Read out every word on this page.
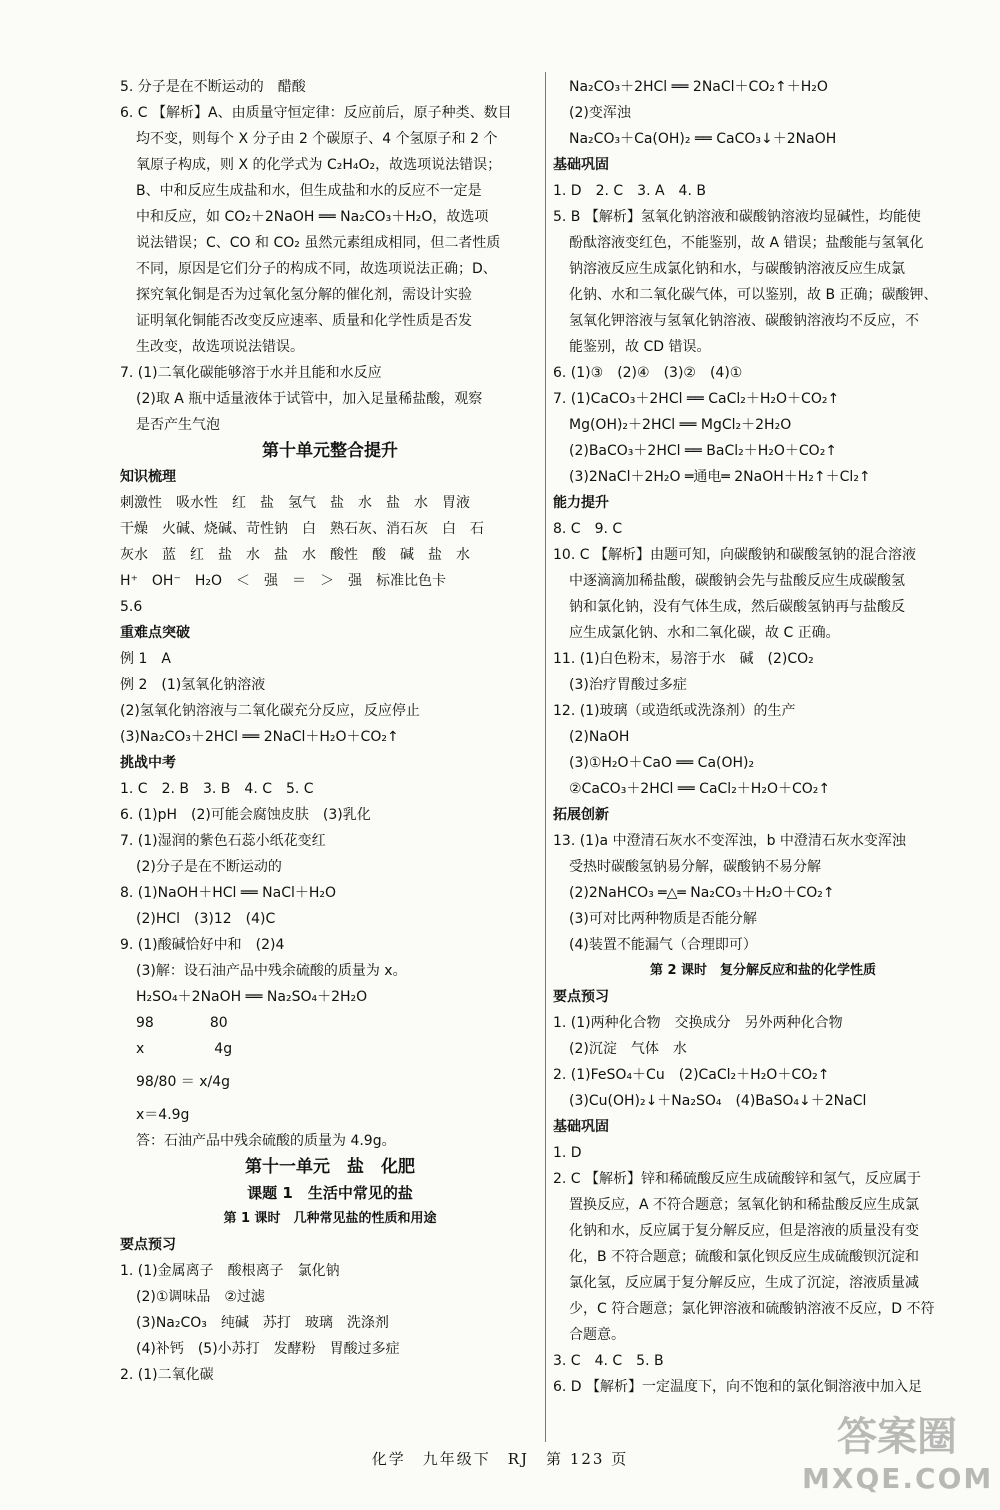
5. 分子是在不断运动的　醋酸
6. C 【解析】A、由质量守恒定律：反应前后，原子种类、数目
均不变，则每个 X 分子由 2 个碳原子、4 个氢原子和 2 个
氧原子构成，则 X 的化学式为 C₂H₄O₂，故选项说法错误；
B、中和反应生成盐和水，但生成盐和水的反应不一定是
中和反应，如 CO₂＋2NaOH ══ Na₂CO₃＋H₂O，故选项
说法错误；C、CO 和 CO₂ 虽然元素组成相同，但二者性质
不同，原因是它们分子的构成不同，故选项说法正确；D、
探究氧化铜是否为过氧化氢分解的催化剂，需设计实验
证明氧化铜能否改变反应速率、质量和化学性质是否发
生改变，故选项说法错误。
7. (1)二氧化碳能够溶于水并且能和水反应
(2)取 A 瓶中适量液体于试管中，加入足量稀盐酸，观察
是否产生气泡
第十单元整合提升
知识梳理
刺激性　吸水性　红　盐　氢气　盐　水　盐　水　胃液
干燥　火碱、烧碱、苛性钠　白　熟石灰、消石灰　白　石
灰水　蓝　红　盐　水　盐　水　酸性　酸　碱　盐　水
H⁺　OH⁻　H₂O　＜　强　＝　＞　强　标准比色卡
5.6
重难点突破
例 1　A
例 2　(1)氢氧化钠溶液
(2)氢氧化钠溶液与二氧化碳充分反应，反应停止
(3)Na₂CO₃＋2HCl ══ 2NaCl＋H₂O＋CO₂↑
挑战中考
1. C　2. B　3. B　4. C　5. C
6. (1)pH　(2)可能会腐蚀皮肤　(3)乳化
7. (1)湿润的紫色石蕊小纸花变红
(2)分子是在不断运动的
8. (1)NaOH＋HCl ══ NaCl＋H₂O
(2)HCl　(3)12　(4)C
9. (1)酸碱恰好中和　(2)4
(3)解：设石油产品中残余硫酸的质量为 x。
H₂SO₄＋2NaOH ══ Na₂SO₄＋2H₂O
98　　　　80
x　　　　　4g
98/80 ＝ x/4g
x＝4.9g
答：石油产品中残余硫酸的质量为 4.9g。
第十一单元　盐　化肥
课题 1　生活中常见的盐
第 1 课时　几种常见盐的性质和用途
要点预习
1. (1)金属离子　酸根离子　氯化钠
(2)①调味品　②过滤
(3)Na₂CO₃　纯碱　苏打　玻璃　洗涤剂
(4)补钙　(5)小苏打　发酵粉　胃酸过多症
2. (1)二氧化碳
Na₂CO₃＋2HCl ══ 2NaCl＋CO₂↑＋H₂O
(2)变浑浊
Na₂CO₃＋Ca(OH)₂ ══ CaCO₃↓＋2NaOH
基础巩固
1. D　2. C　3. A　4. B
5. B 【解析】氢氧化钠溶液和碳酸钠溶液均显碱性，均能使
酚酞溶液变红色，不能鉴别，故 A 错误；盐酸能与氢氧化
钠溶液反应生成氯化钠和水，与碳酸钠溶液反应生成氯
化钠、水和二氧化碳气体，可以鉴别，故 B 正确；碳酸钾、
氢氧化钾溶液与氢氧化钠溶液、碳酸钠溶液均不反应，不
能鉴别，故 CD 错误。
6. (1)③　(2)④　(3)②　(4)①
7. (1)CaCO₃＋2HCl ══ CaCl₂＋H₂O＋CO₂↑
Mg(OH)₂＋2HCl ══ MgCl₂＋2H₂O
(2)BaCO₃＋2HCl ══ BaCl₂＋H₂O＋CO₂↑
(3)2NaCl＋2H₂O ═通电═ 2NaOH＋H₂↑＋Cl₂↑
能力提升
8. C　9. C
10. C 【解析】由题可知，向碳酸钠和碳酸氢钠的混合溶液
中逐滴滴加稀盐酸，碳酸钠会先与盐酸反应生成碳酸氢
钠和氯化钠，没有气体生成，然后碳酸氢钠再与盐酸反
应生成氯化钠、水和二氧化碳，故 C 正确。
11. (1)白色粉末，易溶于水　碱　(2)CO₂
(3)治疗胃酸过多症
12. (1)玻璃（或造纸或洗涤剂）的生产
(2)NaOH
(3)①H₂O＋CaO ══ Ca(OH)₂
②CaCO₃＋2HCl ══ CaCl₂＋H₂O＋CO₂↑
拓展创新
13. (1)a 中澄清石灰水不变浑浊，b 中澄清石灰水变浑浊
受热时碳酸氢钠易分解，碳酸钠不易分解
(2)2NaHCO₃ ═△═ Na₂CO₃＋H₂O＋CO₂↑
(3)可对比两种物质是否能分解
(4)装置不能漏气（合理即可）
第 2 课时　复分解反应和盐的化学性质
要点预习
1. (1)两种化合物　交换成分　另外两种化合物
(2)沉淀　气体　水
2. (1)FeSO₄＋Cu　(2)CaCl₂＋H₂O＋CO₂↑
(3)Cu(OH)₂↓＋Na₂SO₄　(4)BaSO₄↓＋2NaCl
基础巩固
1. D
2. C 【解析】锌和稀硫酸反应生成硫酸锌和氢气，反应属于
置换反应，A 不符合题意；氢氧化钠和稀盐酸反应生成氯
化钠和水，反应属于复分解反应，但是溶液的质量没有变
化，B 不符合题意；硫酸和氯化钡反应生成硫酸钡沉淀和
氯化氢，反应属于复分解反应，生成了沉淀，溶液质量减
少，C 符合题意；氯化钾溶液和硫酸钠溶液不反应，D 不符
合题意。
3. C　4. C　5. B
6. D 【解析】一定温度下，向不饱和的氯化铜溶液中加入足
化学　九年级下　RJ　第 123 页	答案圈
MXQE.COM
